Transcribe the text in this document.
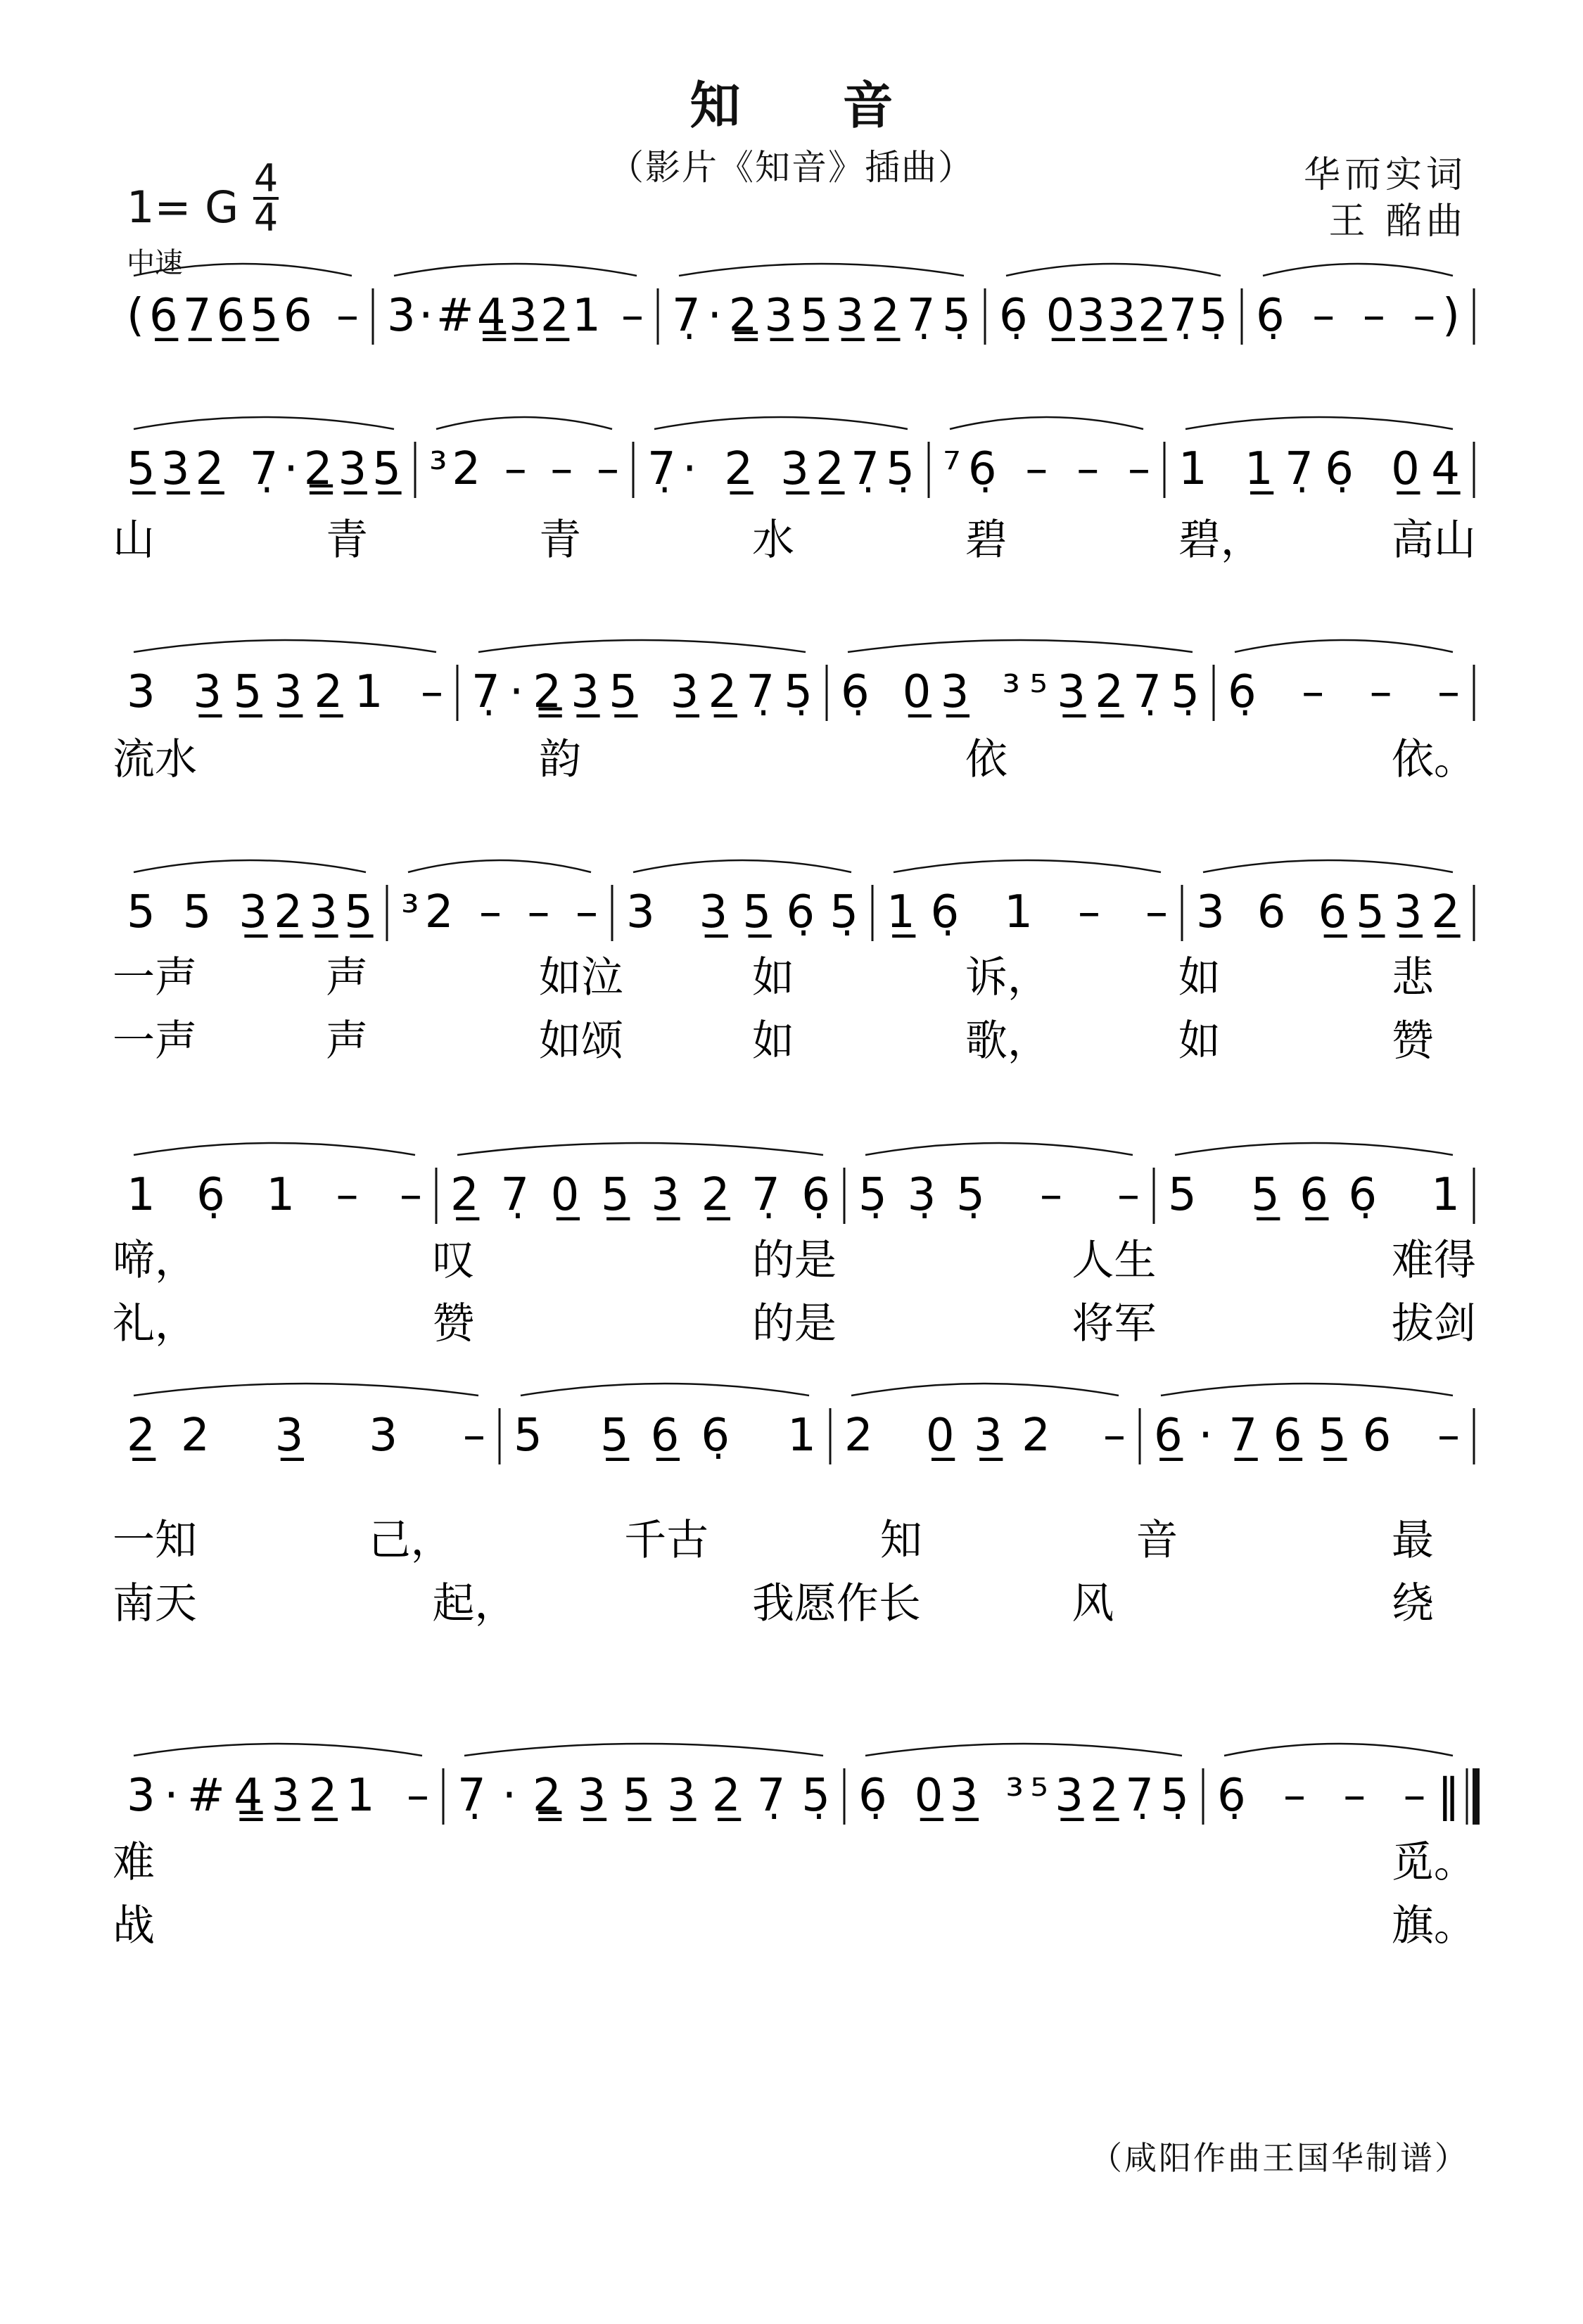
知 音
（影片《知音》插曲）	华而实词
王 酩曲
1= G
4
4
中速
(6̲7̲6̲5̲6 – 3·#4̳3̲2̲1 – 7̣·2̳3̲5̲3̲2̲7̣5̣ 6̣ 0̲3̲3̲2̲7̣5̣ 6̣ – – –)
5̲3̲2̲ 7̣·2̳3̲5̲ ³2 – – – 7̣· 2̲ 3̲2̲7̣5̣ ⁷6̣ – – – 1 1̲7̣6̣ 0̲4̲
山	青	青	水	碧	碧，	高山
3 3̲5̲3̲2̲1 – 7̣·2̳3̲5̲ 3̲2̲7̣5̣ 6̣ 0̲3̲ ³⁵3̲2̲7̣5̣ 6̣ – – –
流水	韵	依	依。
5 5 3̲2̲3̲5̲ ³2 – – – 3 3̲5̲6̣5̣ 1̲6̣ 1 – – 3 6 6̲5̲3̲2̲
一声	声	如泣	如	诉，	如	悲
一声	声	如颂	如	歌，	如	赞
1 6̣ 1 – – 2̲7̣0̲5̲3̲2̲7̣6̣ 5̣3̣5̣ – – 5 5̲6̲6̣ 1
啼，	叹	的是	人生	难得
礼，	赞	的是	将军	拔剑
2̲2 3̲ 3 – 5 5̲6̲6̣ 1 2 0̲3̲2 – 6̲·7̲6̲5̲6 –
一知	己，	千古	知	音	最
南天	起，	我愿作长	风	绕
3·#4̳3̲2̲1 – 7̣·2̳3̲5̲3̲2̲7̣5̣ 6̣ 0̲3̲ ³⁵3̲2̲7̣5̣ 6̣ – – –‖
难	觅。
战	旗。
（咸阳作曲王国华制谱）
